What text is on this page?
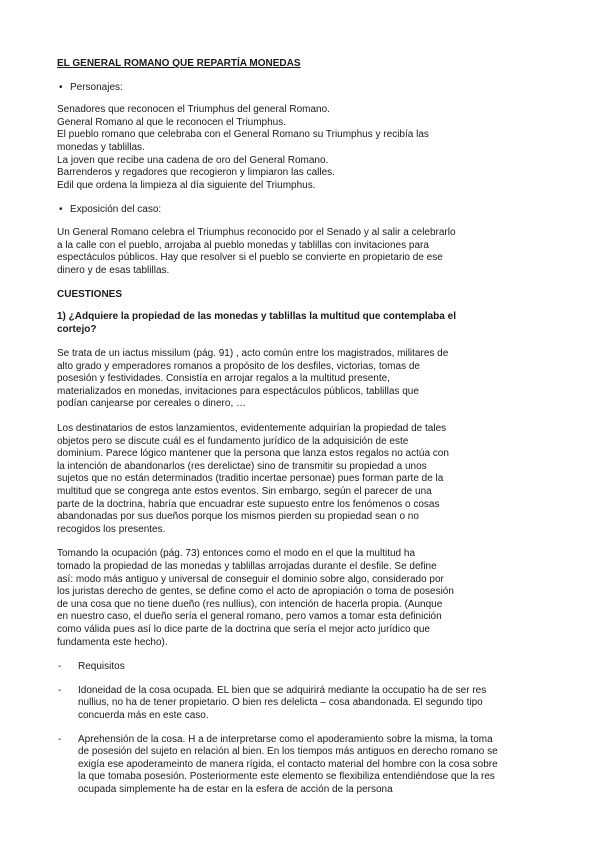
EL GENERAL ROMANO QUE REPARTÍA MONEDAS
• Personajes:
Senadores que reconocen el Triumphus del general Romano.
General Romano al que le reconocen el Triumphus.
El pueblo romano que celebraba con el General Romano su Triumphus y recibía las
monedas y tablillas.
La joven que recibe una cadena de oro del General Romano.
Barrenderos y regadores que recogieron y limpiaron las calles.
Edil que ordena la limpieza al día siguiente del Triumphus.
• Exposición del caso:
Un General Romano celebra el Triumphus reconocido por el Senado y al salir a celebrarlo
a la calle con el pueblo, arrojaba al pueblo monedas y tablillas con invitaciones para
espectáculos públicos. Hay que resolver si el pueblo se convierte en propietario de ese
dinero y de esas tablillas.
CUESTIONES
1) ¿Adquiere la propiedad de las monedas y tablillas la multitud que contemplaba el
cortejo?
Se trata de un iactus missilum (pág. 91) , acto común entre los magistrados, militares de
alto grado y emperadores romanos a propósito de los desfiles, victorias, tomas de
posesión y festividades. Consistía en arrojar regalos a la multitud presente,
materializados en monedas, invitaciones para espectáculos públicos, tablillas que
podían canjearse por cereales o dinero, …
Los destinatarios de estos lanzamientos, evidentemente adquirían la propiedad de tales
objetos pero se discute cuál es el fundamento jurídico de la adquisición de este
dominium. Parece lógico mantener que la persona que lanza estos regalos no actúa con
la intención de abandonarlos (res derelictae) sino de transmitir su propiedad a unos
sujetos que no están determinados (traditio incertae personae) pues forman parte de la
multitud que se congrega ante estos eventos. Sin embargo, según el parecer de una
parte de la doctrina, habría que encuadrar este supuesto entre los fenómenos o cosas
abandonadas por sus dueños porque los mismos pierden su propiedad sean o no
recogidos los presentes.
Tomando la ocupación (pág. 73) entonces como el modo en el que la multitud ha
tomado la propiedad de las monedas y tablillas arrojadas durante el desfile. Se define
así: modo más antiguo y universal de conseguir el dominio sobre algo, considerado por
los juristas derecho de gentes, se define como el acto de apropiación o toma de posesión
de una cosa que no tiene dueño (res nullius), con intención de hacerla propia. (Aunque
en nuestro caso, el dueño sería el general romano, pero vamos a tomar esta definición
como válida pues así lo dice parte de la doctrina que sería el mejor acto jurídico que
fundamenta este hecho).
-	Requisitos
-	Idoneidad de la cosa ocupada. EL bien que se adquirirá mediante la occupatio ha de ser res
nullius, no ha de tener propietario. O bien res delelicta – cosa abandonada. El segundo tipo
concuerda más en este caso.
-	Aprehensión de la cosa. H a de interpretarse como el apoderamiento sobre la misma, la toma
de posesión del sujeto en relación al bien. En los tiempos más antiguos en derecho romano se
exigía ese apoderameinto de manera rígida, el contacto material del hombre con la cosa sobre
la que tomaba posesión. Posteriormente este elemento se flexibiliza entendiéndose que la res
ocupada simplemente ha de estar en la esfera de acción de la persona
